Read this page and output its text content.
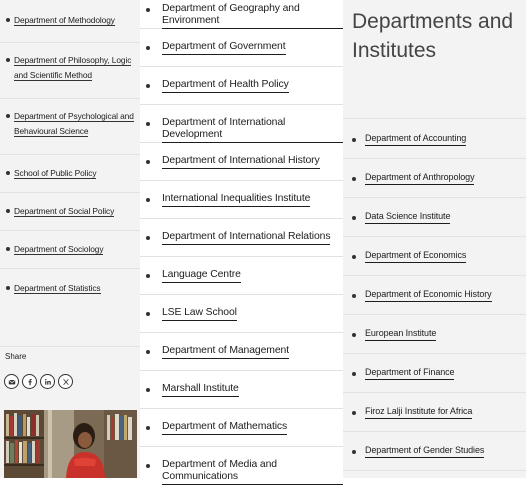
Department of Methodology
Department of Philosophy, Logic and Scientific Method
Department of Psychological and Behavioural Science
School of Public Policy
Department of Social Policy
Department of Sociology
Department of Statistics
Share
Department of Geography and Environment
Department of Government
Department of Health Policy
Department of International Development
Department of International History
International Inequalities Institute
Department of International Relations
Language Centre
LSE Law School
Department of Management
Marshall Institute
Department of Mathematics
Department of Media and Communications
Departments and Institutes
Department of Accounting
Department of Anthropology
Data Science Institute
Department of Economics
Department of Economic History
European Institute
Department of Finance
Firoz Lalji Institute for Africa
Department of Gender Studies
